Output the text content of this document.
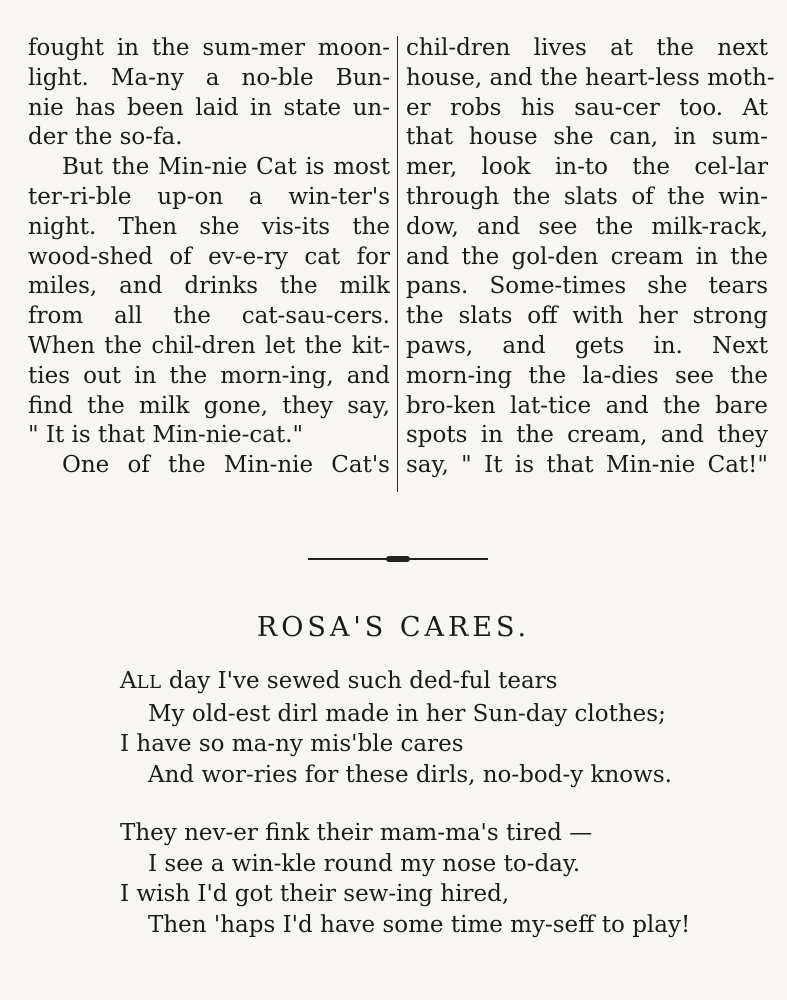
fought in the sum-mer moon-
light. Ma-ny a no-ble Bun-
nie has been laid in state un-
der the so-fa.
But the Min-nie Cat is most
ter-ri-ble up-on a win-ter's
night. Then she vis-its the
wood-shed of ev-e-ry cat for
miles, and drinks the milk
from all the cat-sau-cers.
When the chil-dren let the kit-
ties out in the morn-ing, and
find the milk gone, they say,
" It is that Min-nie-cat."
One of the Min-nie Cat's
chil-dren lives at the next
house, and the heart-less moth-
er robs his sau-cer too. At
that house she can, in sum-
mer, look in-to the cel-lar
through the slats of the win-
dow, and see the milk-rack,
and the gol-den cream in the
pans. Some-times she tears
the slats off with her strong
paws, and gets in. Next
morn-ing the la-dies see the
bro-ken lat-tice and the bare
spots in the cream, and they
say, " It is that Min-nie Cat!"
ROSA'S CARES.
ALL day I've sewed such ded-ful tears
My old-est dirl made in her Sun-day clothes;
I have so ma-ny mis'ble cares
And wor-ries for these dirls, no-bod-y knows.
They nev-er fink their mam-ma's tired —
I see a win-kle round my nose to-day.
I wish I'd got their sew-ing hired,
Then 'haps I'd have some time my-seff to play!
